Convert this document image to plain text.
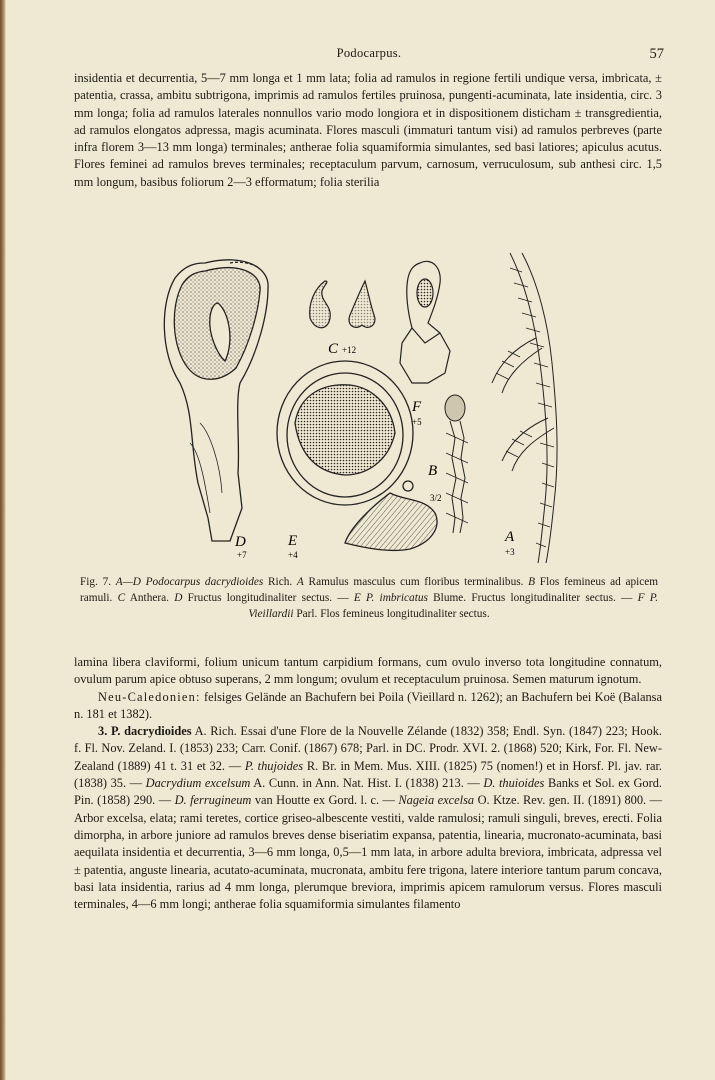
Podocarpus.	57

insidentia et decurrentia, 5—7 mm longa et 1 mm lata; folia ad ramulos in regione fertili undique versa, imbricata, ± patentia, crassa, ambitu subtrigona, imprimis ad ramulos fertiles pruinosa, pungenti-acuminata, late insidentia, circ. 3 mm longa; folia ad ramulos laterales nonnullos vario modo longiora et in dispositionem disticham ± transgredientia, ad ramulos elongatos adpressa, magis acuminata. Flores masculi (immaturi tantum visi) ad ramulos perbreves (parte infra florem 3—13 mm longa) terminales; antherae folia squamiformia simulantes, sed basi latiores; apiculus acutus. Flores feminei ad ramulos breves terminales; receptaculum parvum, carnosum, verruculosum, sub anthesi circ. 1,5 mm longum, basibus foliorum 2—3 efformatum; folia sterilia

D
+7
C +12
F
+5
E
+4
B
3/2
A
+3
Fig. 7. A—D Podocarpus dacrydioides Rich. A Ramulus masculus cum floribus terminalibus. B Flos femineus ad apicem ramuli. C Anthera. D Fructus longitudinaliter sectus. — E P. imbricatus Blume. Fructus longitudinaliter sectus. — F P. Vieillardii Parl. Flos femineus longitudinaliter sectus.

lamina libera claviformi, folium unicum tantum carpidium formans, cum ovulo inverso tota longitudine connatum, ovulum parum apice obtuso superans, 2 mm longum; ovulum et receptaculum pruinosa. Semen maturum ignotum.

Neu-Caledonien: felsiges Gelände an Bachufern bei Poila (Vieillard n. 1262); an Bachufern bei Koë (Balansa n. 181 et 1382).

3. P. dacrydioides A. Rich. Essai d'une Flore de la Nouvelle Zélande (1832) 358; Endl. Syn. (1847) 223; Hook. f. Fl. Nov. Zeland. I. (1853) 233; Carr. Conif. (1867) 678; Parl. in DC. Prodr. XVI. 2. (1868) 520; Kirk, For. Fl. New-Zealand (1889) 41 t. 31 et 32. — P. thujoides R. Br. in Mem. Mus. XIII. (1825) 75 (nomen!) et in Horsf. Pl. jav. rar. (1838) 35. — Dacrydium excelsum A. Cunn. in Ann. Nat. Hist. I. (1838) 213. — D. thuioides Banks et Sol. ex Gord. Pin. (1858) 290. — D. ferrugineum van Houtte ex Gord. l. c. — Nageia excelsa O. Ktze. Rev. gen. II. (1891) 800. — Arbor excelsa, elata; rami teretes, cortice griseo-albescente vestiti, valde ramulosi; ramuli singuli, breves, erecti. Folia dimorpha, in arbore juniore ad ramulos breves dense biseriatim expansa, patentia, linearia, mucronato-acuminata, basi aequilata insidentia et decurrentia, 3—6 mm longa, 0,5—1 mm lata, in arbore adulta breviora, imbricata, adpressa vel ± patentia, anguste linearia, acutato-acuminata, mucronata, ambitu fere trigona, latere interiore tantum parum concava, basi lata insidentia, rarius ad 4 mm longa, plerumque breviora, imprimis apicem ramulorum versus. Flores masculi terminales, 4—6 mm longi; antherae folia squamiformia simulantes filamento
